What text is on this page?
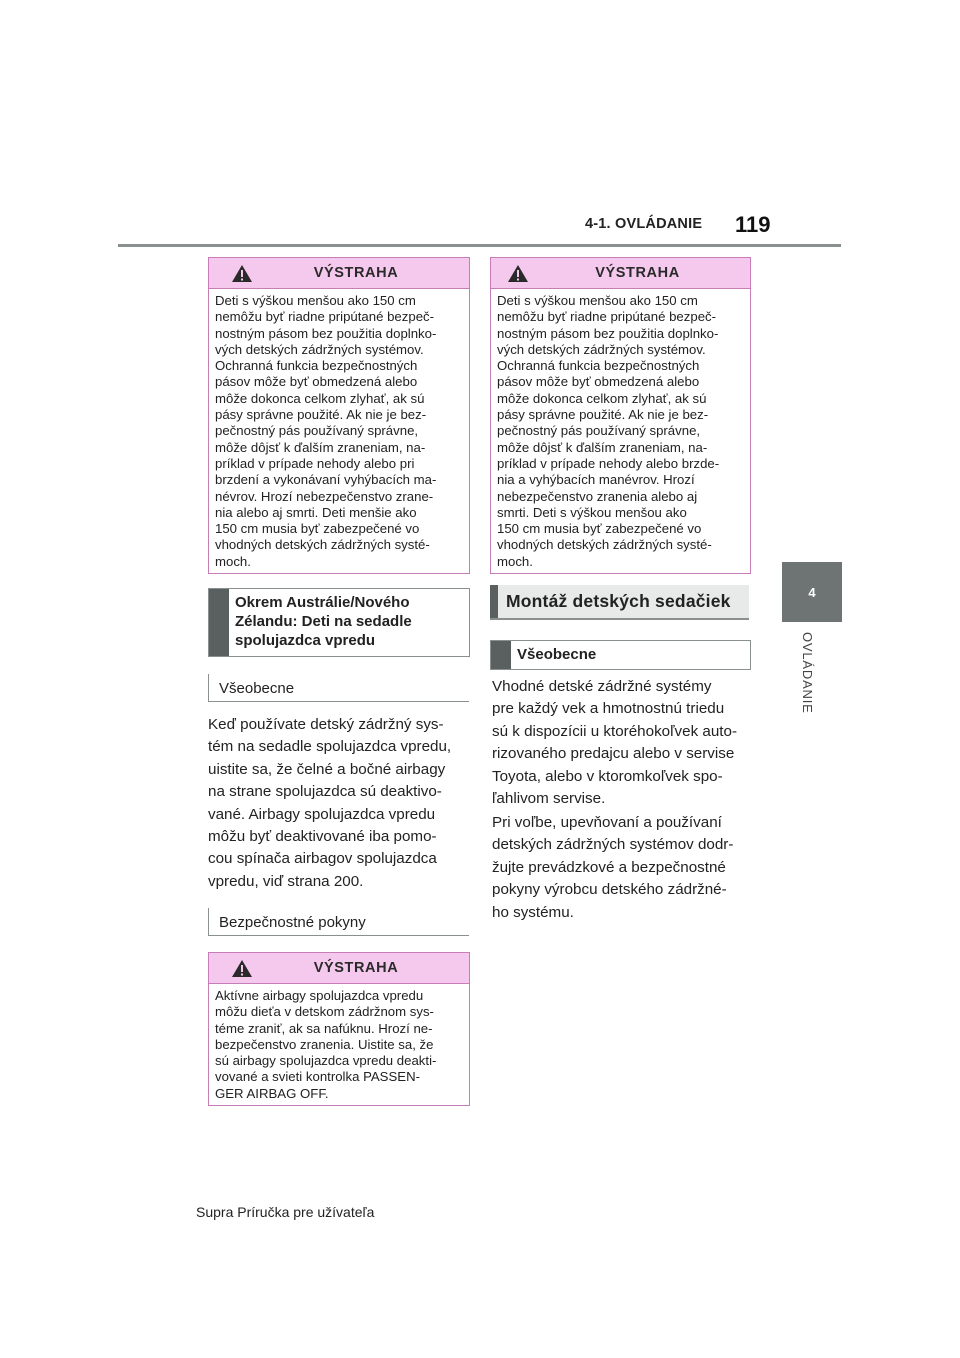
4-1. OVLÁDANIE 119
4
OVLÁDANIE
VÝSTRAHA
Deti s výškou menšou ako 150 cm
nemôžu byť riadne pripútané bezpeč-
nostným pásom bez použitia doplnko-
vých detských zádržných systémov.
Ochranná funkcia bezpečnostných
pásov môže byť obmedzená alebo
môže dokonca celkom zlyhať, ak sú
pásy správne použité. Ak nie je bez-
pečnostný pás používaný správne,
môže dôjsť k ďalším zraneniam, na-
príklad v prípade nehody alebo pri
brzdení a vykonávaní vyhýbacích ma-
névrov. Hrozí nebezpečenstvo zrane-
nia alebo aj smrti. Deti menšie ako
150 cm musia byť zabezpečené vo
vhodných detských zádržných systé-
moch.
Okrem Austrálie/Nového
Zélandu: Deti na sedadle
spolujazdca vpredu
Všeobecne
Keď používate detský zádržný sys-
tém na sedadle spolujazdca vpredu,
uistite sa, že čelné a bočné airbagy
na strane spolujazdca sú deaktivo-
vané. Airbagy spolujazdca vpredu
môžu byť deaktivované iba pomo-
cou spínača airbagov spolujazdca
vpredu, viď strana 200.
Bezpečnostné pokyny
VÝSTRAHA
Aktívne airbagy spolujazdca vpredu
môžu dieťa v detskom zádržnom sys-
téme zraniť, ak sa nafúknu. Hrozí ne-
bezpečenstvo zranenia. Uistite sa, že
sú airbagy spolujazdca vpredu deakti-
vované a svieti kontrolka PASSEN-
GER AIRBAG OFF.
VÝSTRAHA
Deti s výškou menšou ako 150 cm
nemôžu byť riadne pripútané bezpeč-
nostným pásom bez použitia doplnko-
vých detských zádržných systémov.
Ochranná funkcia bezpečnostných
pásov môže byť obmedzená alebo
môže dokonca celkom zlyhať, ak sú
pásy správne použité. Ak nie je bez-
pečnostný pás používaný správne,
môže dôjsť k ďalším zraneniam, na-
príklad v prípade nehody alebo brzde-
nia a vyhýbacích manévrov. Hrozí
nebezpečenstvo zranenia alebo aj
smrti. Deti s výškou menšou ako
150 cm musia byť zabezpečené vo
vhodných detských zádržných systé-
moch.
Montáž detských sedačiek
Všeobecne
Vhodné detské zádržné systémy
pre každý vek a hmotnostnú triedu
sú k dispozícii u ktoréhokoľvek auto-
rizovaného predajcu alebo v servise
Toyota, alebo v ktoromkoľvek spo-
ľahlivom servise.
Pri voľbe, upevňovaní a používaní
detských zádržných systémov dodr-
žujte prevádzkové a bezpečnostné
pokyny výrobcu detského zádržné-
ho systému.
Supra Príručka pre užívateľa
